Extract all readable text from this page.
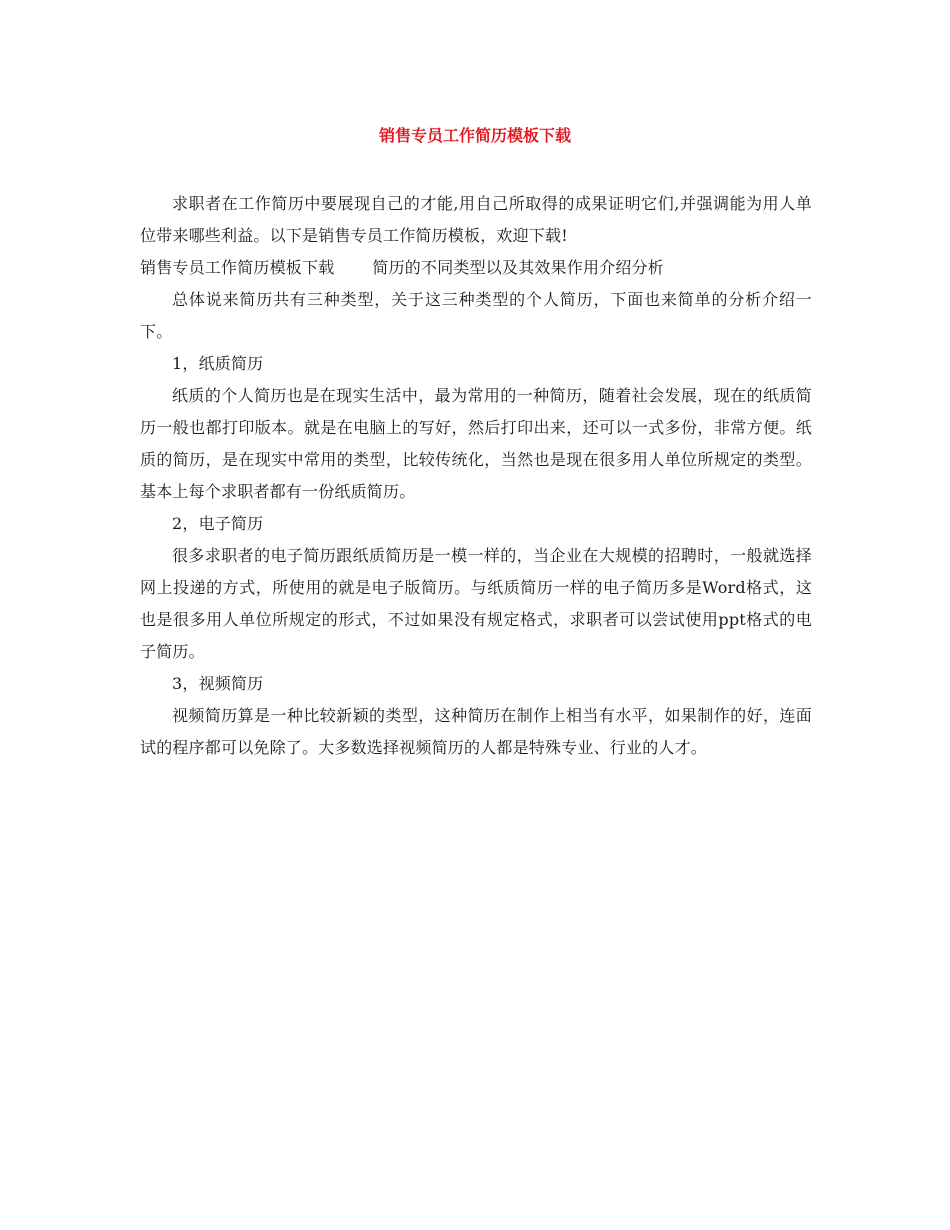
销售专员工作简历模板下载

求职者在工作简历中要展现自己的才能,用自己所取得的成果证明它们,并强调能为用人单位带来哪些利益。以下是销售专员工作简历模板，欢迎下载!

销售专员工作简历模板下载 简历的不同类型以及其效果作用介绍分析

总体说来简历共有三种类型，关于这三种类型的个人简历，下面也来简单的分析介绍一下。

1，纸质简历

纸质的个人简历也是在现实生活中，最为常用的一种简历，随着社会发展，现在的纸质简历一般也都打印版本。就是在电脑上的写好，然后打印出来，还可以一式多份，非常方便。纸质的简历，是在现实中常用的类型，比较传统化，当然也是现在很多用人单位所规定的类型。基本上每个求职者都有一份纸质简历。

2，电子简历

很多求职者的电子简历跟纸质简历是一模一样的，当企业在大规模的招聘时，一般就选择网上投递的方式，所使用的就是电子版简历。与纸质简历一样的电子简历多是Word格式，这也是很多用人单位所规定的形式，不过如果没有规定格式，求职者可以尝试使用ppt格式的电子简历。

3，视频简历

视频简历算是一种比较新颖的类型，这种简历在制作上相当有水平，如果制作的好，连面试的程序都可以免除了。大多数选择视频简历的人都是特殊专业、行业的人才。
